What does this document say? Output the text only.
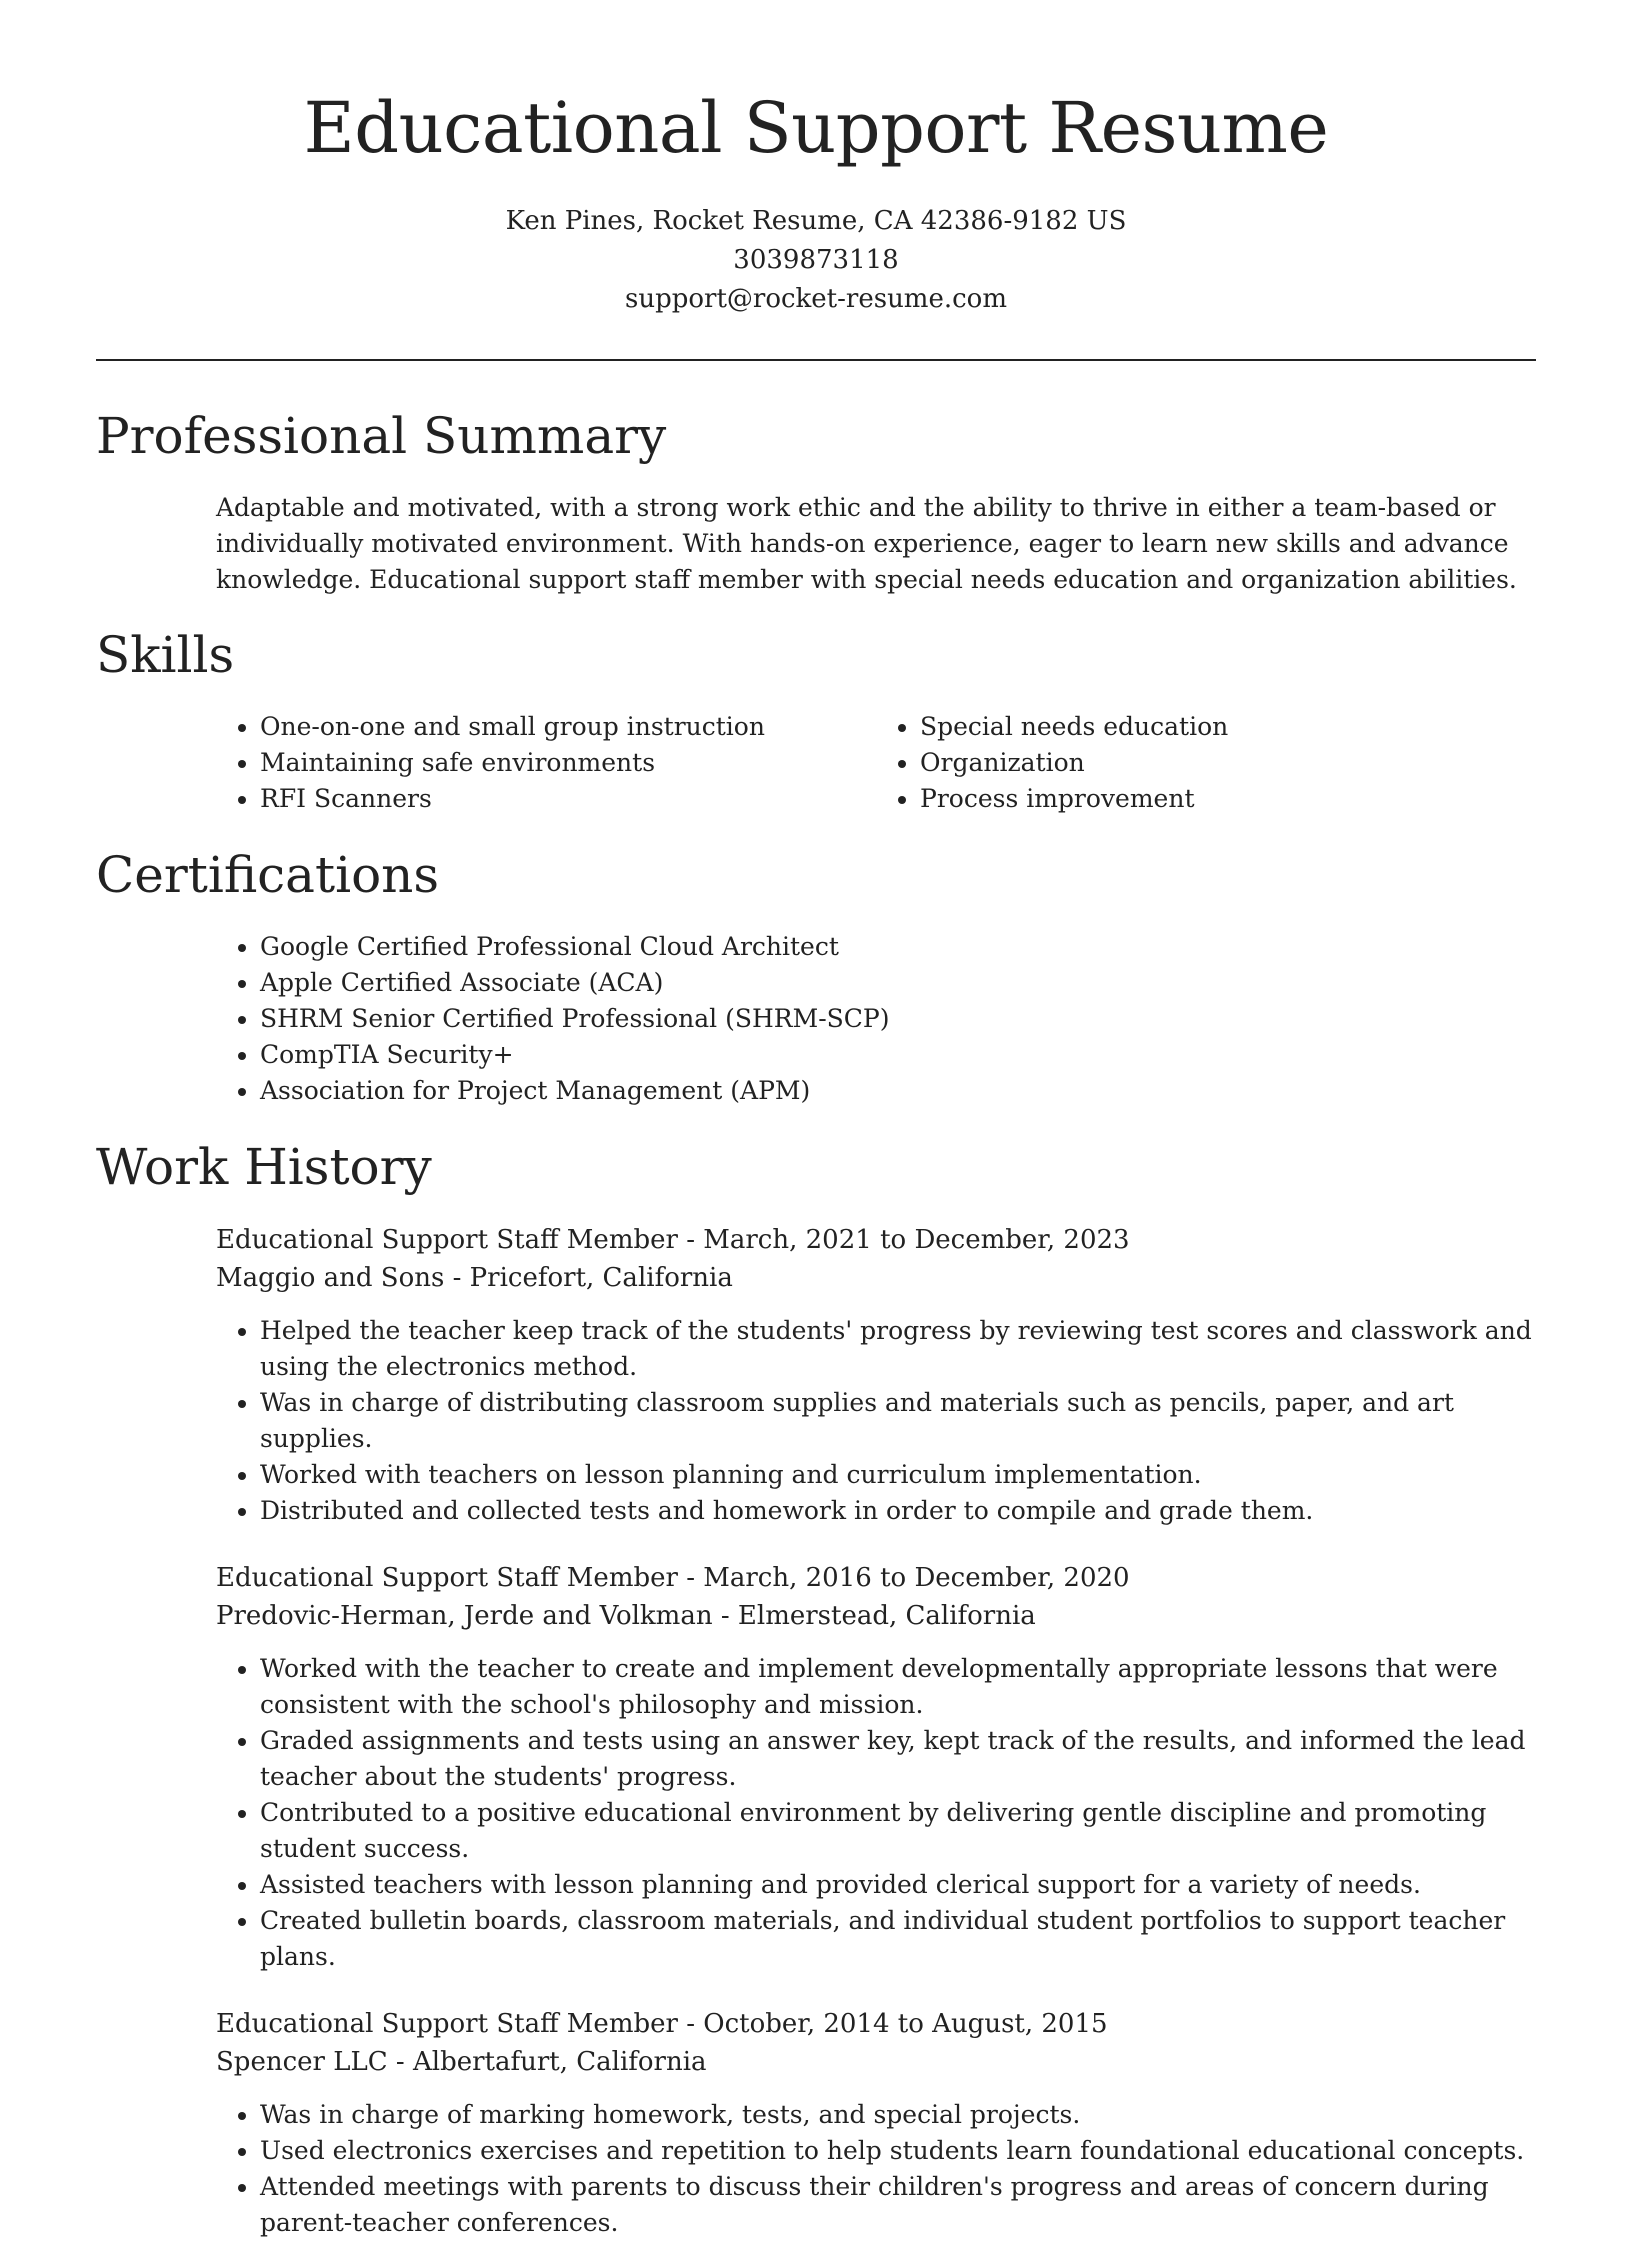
Educational Support Resume
Ken Pines, Rocket Resume, CA 42386-9182 US
3039873118
support@rocket-resume.com
Professional Summary

Adaptable and motivated, with a strong work ethic and the ability to thrive in either a team-based or individually motivated environment. With hands-on experience, eager to learn new skills and advance knowledge. Educational support staff member with special needs education and organization abilities.

Skills
• One-on-one and small group instruction
• Maintaining safe environments
• RFI Scanners
• Special needs education
• Organization
• Process improvement
Certifications
• Google Certified Professional Cloud Architect
• Apple Certified Associate (ACA)
• SHRM Senior Certified Professional (SHRM-SCP)
• CompTIA Security+
• Association for Project Management (APM)
Work History
Educational Support Staff Member - March, 2021 to December, 2023
Maggio and Sons - Pricefort, California
• Helped the teacher keep track of the students' progress by reviewing test scores and classwork and using the electronics method.
• Was in charge of distributing classroom supplies and materials such as pencils, paper, and art supplies.
• Worked with teachers on lesson planning and curriculum implementation.
• Distributed and collected tests and homework in order to compile and grade them.
Educational Support Staff Member - March, 2016 to December, 2020
Predovic-Herman, Jerde and Volkman - Elmerstead, California
• Worked with the teacher to create and implement developmentally appropriate lessons that were consistent with the school's philosophy and mission.
• Graded assignments and tests using an answer key, kept track of the results, and informed the lead teacher about the students' progress.
• Contributed to a positive educational environment by delivering gentle discipline and promoting student success.
• Assisted teachers with lesson planning and provided clerical support for a variety of needs.
• Created bulletin boards, classroom materials, and individual student portfolios to support teacher plans.
Educational Support Staff Member - October, 2014 to August, 2015
Spencer LLC - Albertafurt, California
• Was in charge of marking homework, tests, and special projects.
• Used electronics exercises and repetition to help students learn foundational educational concepts.
• Attended meetings with parents to discuss their children's progress and areas of concern during parent-teacher conferences.
